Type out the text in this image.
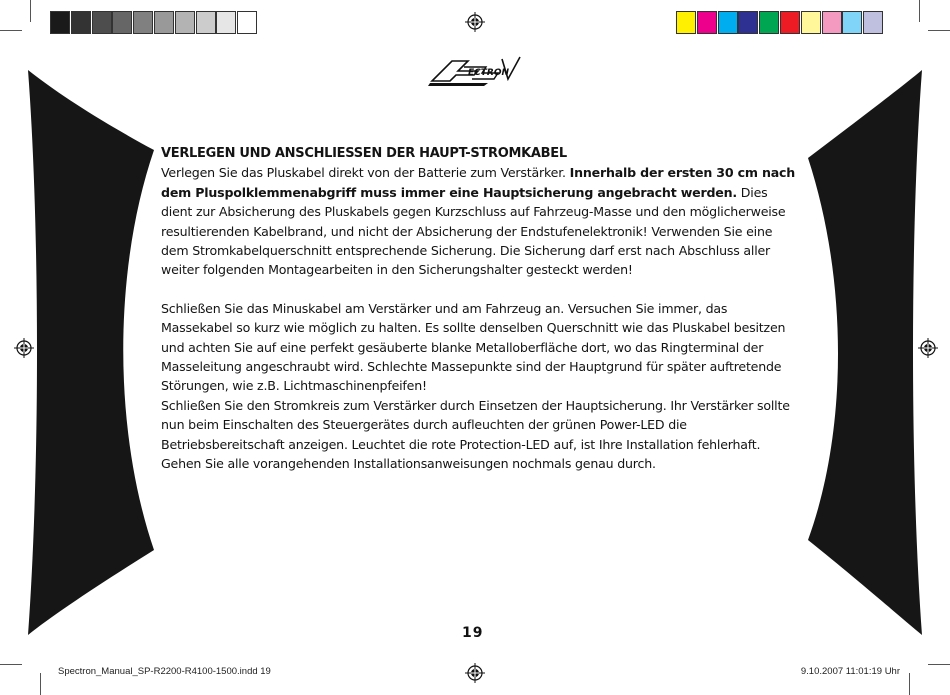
ECTRON

VERLEGEN UND ANSCHLIESSEN DER HAUPT-STROMKABEL

Verlegen Sie das Pluskabel direkt von der Batterie zum Verstärker. Innerhalb der ersten 30 cm nach dem Pluspolklemmenabgriff muss immer eine Hauptsicherung angebracht werden. Dies dient zur Absicherung des Pluskabels gegen Kurzschluss auf Fahrzeug-Masse und den möglicherweise resultierenden Kabelbrand, und nicht der Absicherung der Endstufenelektronik! Verwenden Sie eine dem Stromkabelquerschnitt entsprechende Sicherung. Die Sicherung darf erst nach Abschluss aller weiter folgenden Montagearbeiten in den Sicherungshalter gesteckt werden!

Schließen Sie das Minuskabel am Verstärker und am Fahrzeug an. Versuchen Sie immer, das Massekabel so kurz wie möglich zu halten. Es sollte denselben Querschnitt wie das Pluskabel besitzen und achten Sie auf eine perfekt gesäuberte blanke Metalloberfläche dort, wo das Ringterminal der Masseleitung angeschraubt wird. Schlechte Massepunkte sind der Hauptgrund für später auftretende Störungen, wie z.B. Lichtmaschinenpfeifen!

Schließen Sie den Stromkreis zum Verstärker durch Einsetzen der Hauptsicherung. Ihr Verstärker sollte nun beim Einschalten des Steuergerätes durch aufleuchten der grünen Power-LED die Betriebsbereitschaft anzeigen. Leuchtet die rote Protection-LED auf, ist Ihre Installation fehlerhaft. Gehen Sie alle vorangehenden Installationsanweisungen nochmals genau durch.

19
Spectron_Manual_SP-R2200-R4100-1500.indd 19	9.10.2007 11:01:19 Uhr
